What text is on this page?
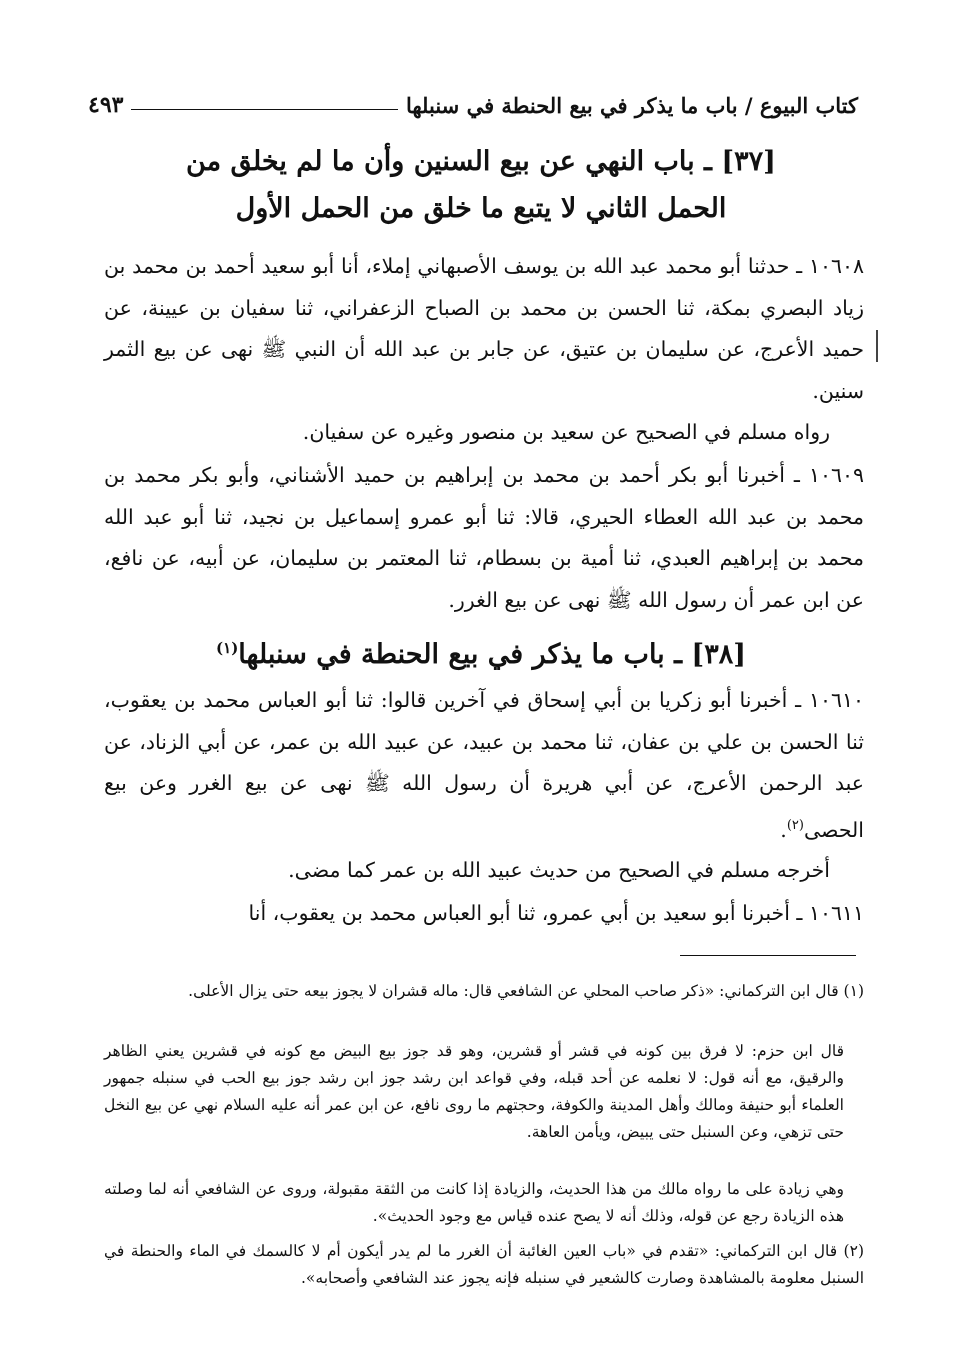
كتاب البيوع / باب ما يذكر في بيع الحنطة في سنبلها
٤٩٣
[٣٧] ـ باب النهي عن بيع السنين وأن ما لم يخلق من
الحمل الثاني لا يتبع ما خلق من الحمل الأول
١٠٦٠٨ ـ حدثنا أبو محمد عبد الله بن يوسف الأصبهاني إملاء، أنا أبو سعيد أحمد بن محمد بن زياد البصري بمكة، ثنا الحسن بن محمد بن الصباح الزعفراني، ثنا سفيان بن عيينة، عن حميد الأعرج، عن سليمان بن عتيق، عن جابر بن عبد الله أن النبي ﷺ نهى عن بيع الثمر سنين.
رواه مسلم في الصحيح عن سعيد بن منصور وغيره عن سفيان.
١٠٦٠٩ ـ أخبرنا أبو بكر أحمد بن محمد بن إبراهيم بن حميد الأشناني، وأبو بكر محمد بن محمد بن عبد الله العطاء الحيري، قالا: ثنا أبو عمرو إسماعيل بن نجيد، ثنا أبو عبد الله محمد بن إبراهيم العبدي، ثنا أمية بن بسطام، ثنا المعتمر بن سليمان، عن أبيه، عن نافع، عن ابن عمر أن رسول الله ﷺ نهى عن بيع الغرر.
[٣٨] ـ باب ما يذكر في بيع الحنطة في سنبلها$^{(١)}$
١٠٦١٠ ـ أخبرنا أبو زكريا بن أبي إسحاق في آخرين قالوا: ثنا أبو العباس محمد بن يعقوب، ثنا الحسن بن علي بن عفان، ثنا محمد بن عبيد، عن عبيد الله بن عمر، عن أبي الزناد، عن عبد الرحمن الأعرج، عن أبي هريرة أن رسول الله ﷺ نهى عن بيع الغرر وعن بيع الحصى$^{(٢)}$.
أخرجه مسلم في الصحيح من حديث عبيد الله بن عمر كما مضى.
١٠٦١١ ـ أخبرنا أبو سعيد بن أبي عمرو، ثنا أبو العباس محمد بن يعقوب، أنا
(١) قال ابن التركماني: «ذكر صاحب المحلي عن الشافعي قال: ماله قشران لا يجوز بيعه حتى يزال الأعلى.
قال ابن حزم: لا فرق بين كونه في قشر أو قشرين، وهو قد جوز بيع البيض مع كونه في قشرين يعني الظاهر والرقيق، مع أنه قول: لا نعلمه عن أحد قبله، وفي قواعد ابن رشد جوز ابن رشد جوز بيع الحب في سنبله جمهور العلماء أبو حنيفة ومالك وأهل المدينة والكوفة، وحجتهم ما روى نافع، عن ابن عمر أنه عليه السلام نهي عن بيع النخل حتى تزهي، وعن السنبل حتى يبيض، ويأمن العاهة.
وهي زيادة على ما رواه مالك من هذا الحديث، والزيادة إذا كانت من الثقة مقبولة، وروى عن الشافعي أنه لما وصلته هذه الزيادة رجع عن قوله، وذلك أنه لا يصح عنده قياس مع وجود الحديث».
(٢) قال ابن التركماني: «تقدم في «باب العين الغائبة أن الغرر ما لم يدر أيكون أم لا كالسمك في الماء والحنطة في السنبل معلومة بالمشاهدة وصارت كالشعير في سنبله فإنه يجوز عند الشافعي وأصحابه».
